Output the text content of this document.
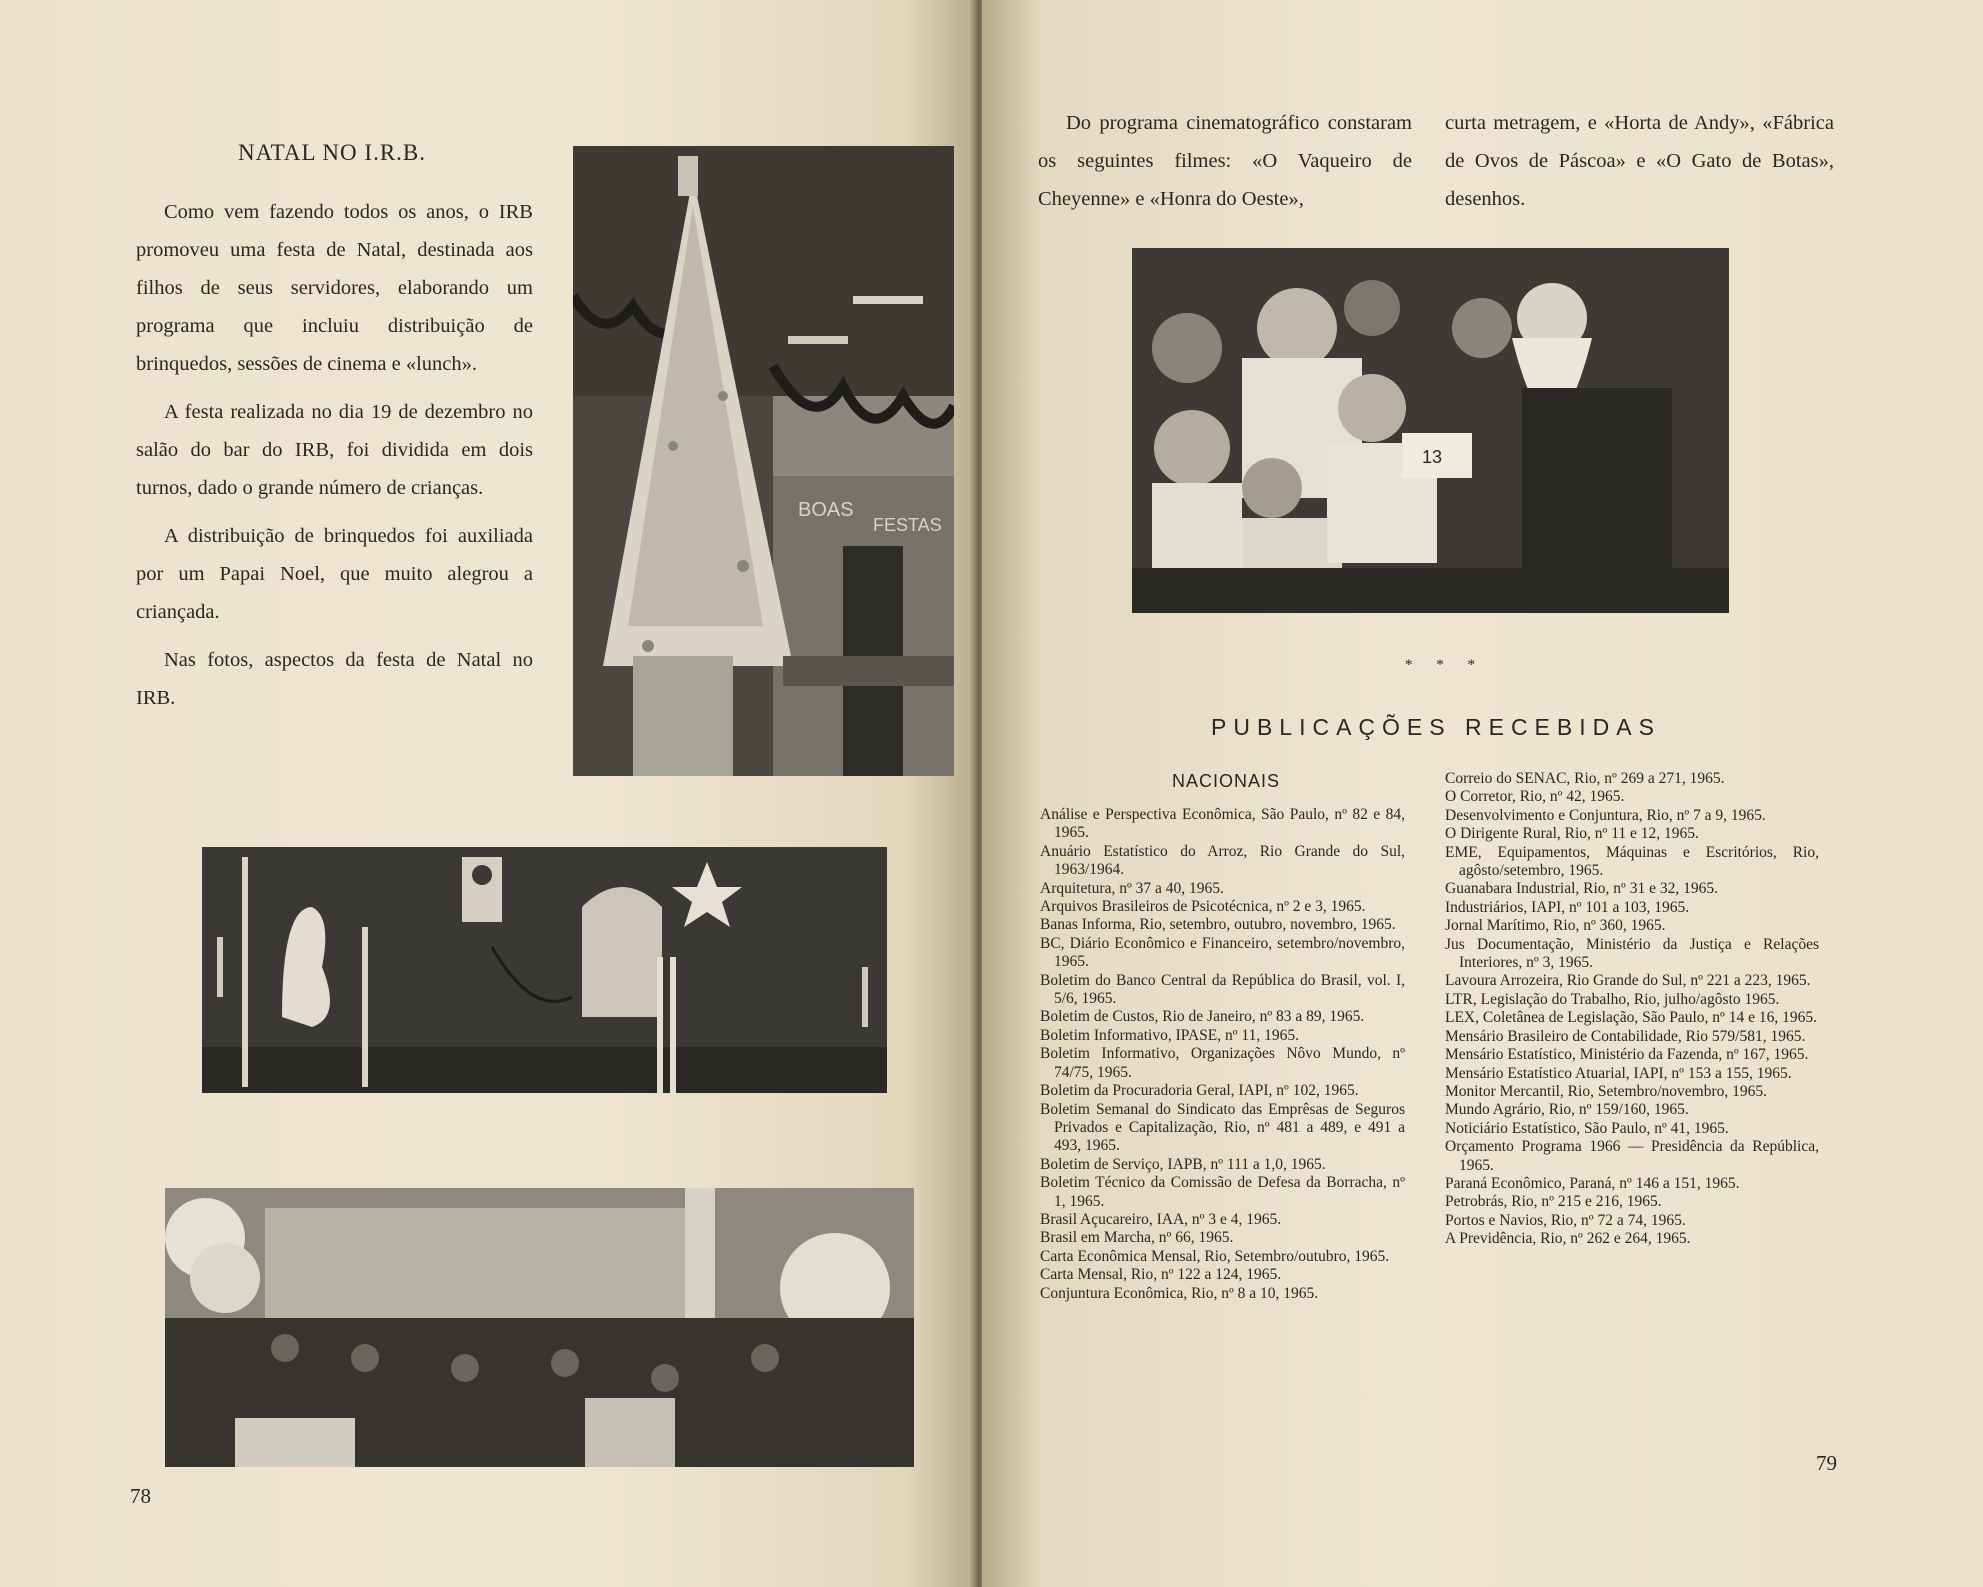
NATAL NO I.R.B.

Como vem fazendo todos os anos, o IRB promoveu uma festa de Natal, destinada aos filhos de seus servidores, elaborando um programa que incluiu distribuição de brinquedos, sessões de cinema e «lunch».

A festa realizada no dia 19 de dezembro no salão do bar do IRB, foi dividida em dois turnos, dado o grande número de crianças.

A distribuição de brinquedos foi auxiliada por um Papai Noel, que muito alegrou a criançada.

Nas fotos, aspectos da festa de Natal no IRB.

BOAS
FESTAS
78

Do programa cinematográfico constaram os seguintes filmes: «O Vaqueiro de Cheyenne» e «Honra do Oeste»,

curta metragem, e «Horta de Andy», «Fábrica de Ovos de Páscoa» e «O Gato de Botas», desenhos.

13
* * *
PUBLICAÇÕES RECEBIDAS
NACIONAIS
Análise e Perspectiva Econômica, São Paulo, nº 82 e 84, 1965.
Anuário Estatístico do Arroz, Rio Grande do Sul, 1963/1964.
Arquitetura, nº 37 a 40, 1965.
Arquivos Brasileiros de Psicotécnica, nº 2 e 3, 1965.
Banas Informa, Rio, setembro, outubro, novembro, 1965.
BC, Diário Econômico e Financeiro, setembro/novembro, 1965.
Boletim do Banco Central da República do Brasil, vol. I, 5/6, 1965.
Boletim de Custos, Rio de Janeiro, nº 83 a 89, 1965.
Boletim Informativo, IPASE, nº 11, 1965.
Boletim Informativo, Organizações Nôvo Mundo, nº 74/75, 1965.
Boletim da Procuradoria Geral, IAPI, nº 102, 1965.
Boletim Semanal do Sindicato das Emprêsas de Seguros Privados e Capitalização, Rio, nº 481 a 489, e 491 a 493, 1965.
Boletim de Serviço, IAPB, nº 111 a 1,0, 1965.
Boletim Técnico da Comissão de Defesa da Borracha, nº 1, 1965.
Brasil Açucareiro, IAA, nº 3 e 4, 1965.
Brasil em Marcha, nº 66, 1965.
Carta Econômica Mensal, Rio, Setembro/outubro, 1965.
Carta Mensal, Rio, nº 122 a 124, 1965.
Conjuntura Econômica, Rio, nº 8 a 10, 1965.
Correio do SENAC, Rio, nº 269 a 271, 1965.
O Corretor, Rio, nº 42, 1965.
Desenvolvimento e Conjuntura, Rio, nº 7 a 9, 1965.
O Dirigente Rural, Rio, nº 11 e 12, 1965.
EME, Equipamentos, Máquinas e Escritórios, Rio, agôsto/setembro, 1965.
Guanabara Industrial, Rio, nº 31 e 32, 1965.
Industriários, IAPI, nº 101 a 103, 1965.
Jornal Marítimo, Rio, nº 360, 1965.
Jus Documentação, Ministério da Justiça e Relações Interiores, nº 3, 1965.
Lavoura Arrozeira, Rio Grande do Sul, nº 221 a 223, 1965.
LTR, Legislação do Trabalho, Rio, julho/agôsto 1965.
LEX, Coletânea de Legislação, São Paulo, nº 14 e 16, 1965.
Mensário Brasileiro de Contabilidade, Rio 579/581, 1965.
Mensário Estatístico, Ministério da Fazenda, nº 167, 1965.
Mensário Estatístico Atuarial, IAPI, nº 153 a 155, 1965.
Monitor Mercantil, Rio, Setembro/novembro, 1965.
Mundo Agrário, Rio, nº 159/160, 1965.
Noticiário Estatístico, São Paulo, nº 41, 1965.
Orçamento Programa 1966 — Presidência da República, 1965.
Paraná Econômico, Paraná, nº 146 a 151, 1965.
Petrobrás, Rio, nº 215 e 216, 1965.
Portos e Navios, Rio, nº 72 a 74, 1965.
A Previdência, Rio, nº 262 e 264, 1965.
79
